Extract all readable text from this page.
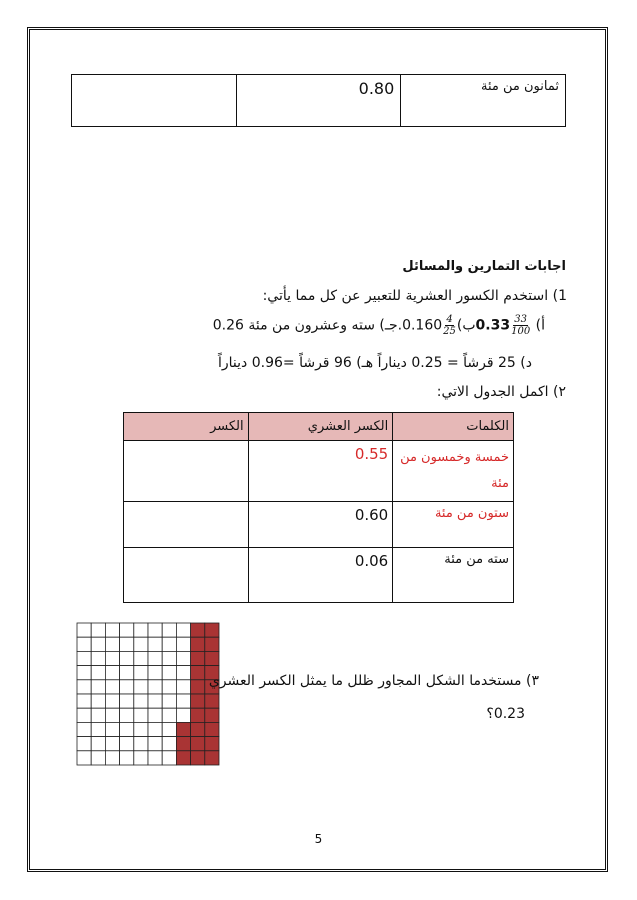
	0.80	ثمانون من مئة
اجابات التمارين والمسائل
1) استخدم الكسور العشرية للتعبير عن كل مما يأتي:
أ)
$\frac{33}{100}$
0.33ب)
$\frac{4}{25}$
0.160.جـ) سته وعشرون من مئة 0.26
د) 25 قرشاً = 0.25 ديناراً هـ) 96 قرشاً =0.96 ديناراً
٢) اكمل الجدول الاتي:
الكسر	الكسر العشري	الكلمات
	0.55	خمسة وخمسون من مئة
	0.60	ستون من مئة
	0.06	سته من مئة
٣) مستخدما الشكل المجاور ظلل ما يمثل الكسر العشري
0.23؟
5
